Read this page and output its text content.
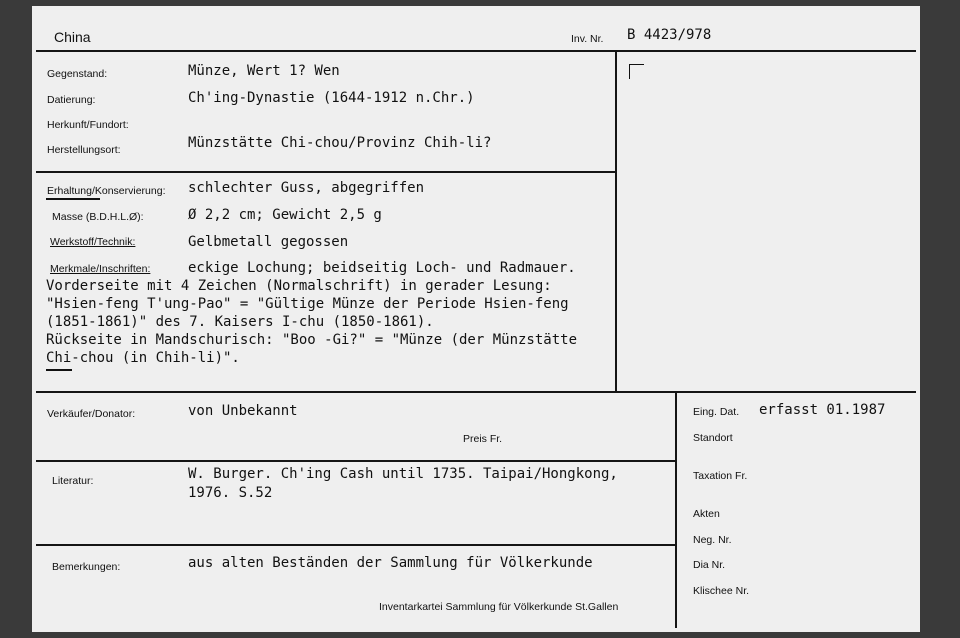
China	Inv. Nr. B 4423/978
Gegenstand:	Münze, Wert 1? Wen
Datierung:	Ch'ing-Dynastie (1644-1912 n.Chr.)
Herkunft/Fundort:
Herstellungsort:	Münzstätte Chi-chou/Provinz Chih-li?
Erhaltung/Konservierung: schlechter Guss, abgegriffen
Masse (B.D.H.L.Ø):	Ø 2,2 cm; Gewicht 2,5 g
Werkstoff/Technik:	Gelbmetall gegossen
Merkmale/Inschriften:	eckige Lochung; beidseitig Loch- und Radmauer.
Vorderseite mit 4 Zeichen (Normalschrift) in gerader Lesung:
"Hsien-feng T'ung-Pao" = "Gültige Münze der Periode Hsien-feng
(1851-1861)" des 7. Kaisers I-chu (1850-1861).
Rückseite in Mandschurisch: "Boo -Gi?" = "Münze (der Münzstätte
Chi-chou (in Chih-li)".
Verkäufer/Donator:	von Unbekannt
Preis Fr.
Literatur:	W. Burger. Ch'ing Cash until 1735. Taipai/Hongkong,
1976. S.52
Bemerkungen:	aus alten Beständen der Sammlung für Völkerkunde
Inventarkartei Sammlung für Völkerkunde St.Gallen
Eing. Dat. erfasst 01.1987
Standort
Taxation Fr.
Akten
Neg. Nr.
Dia Nr.
Klischee Nr.
